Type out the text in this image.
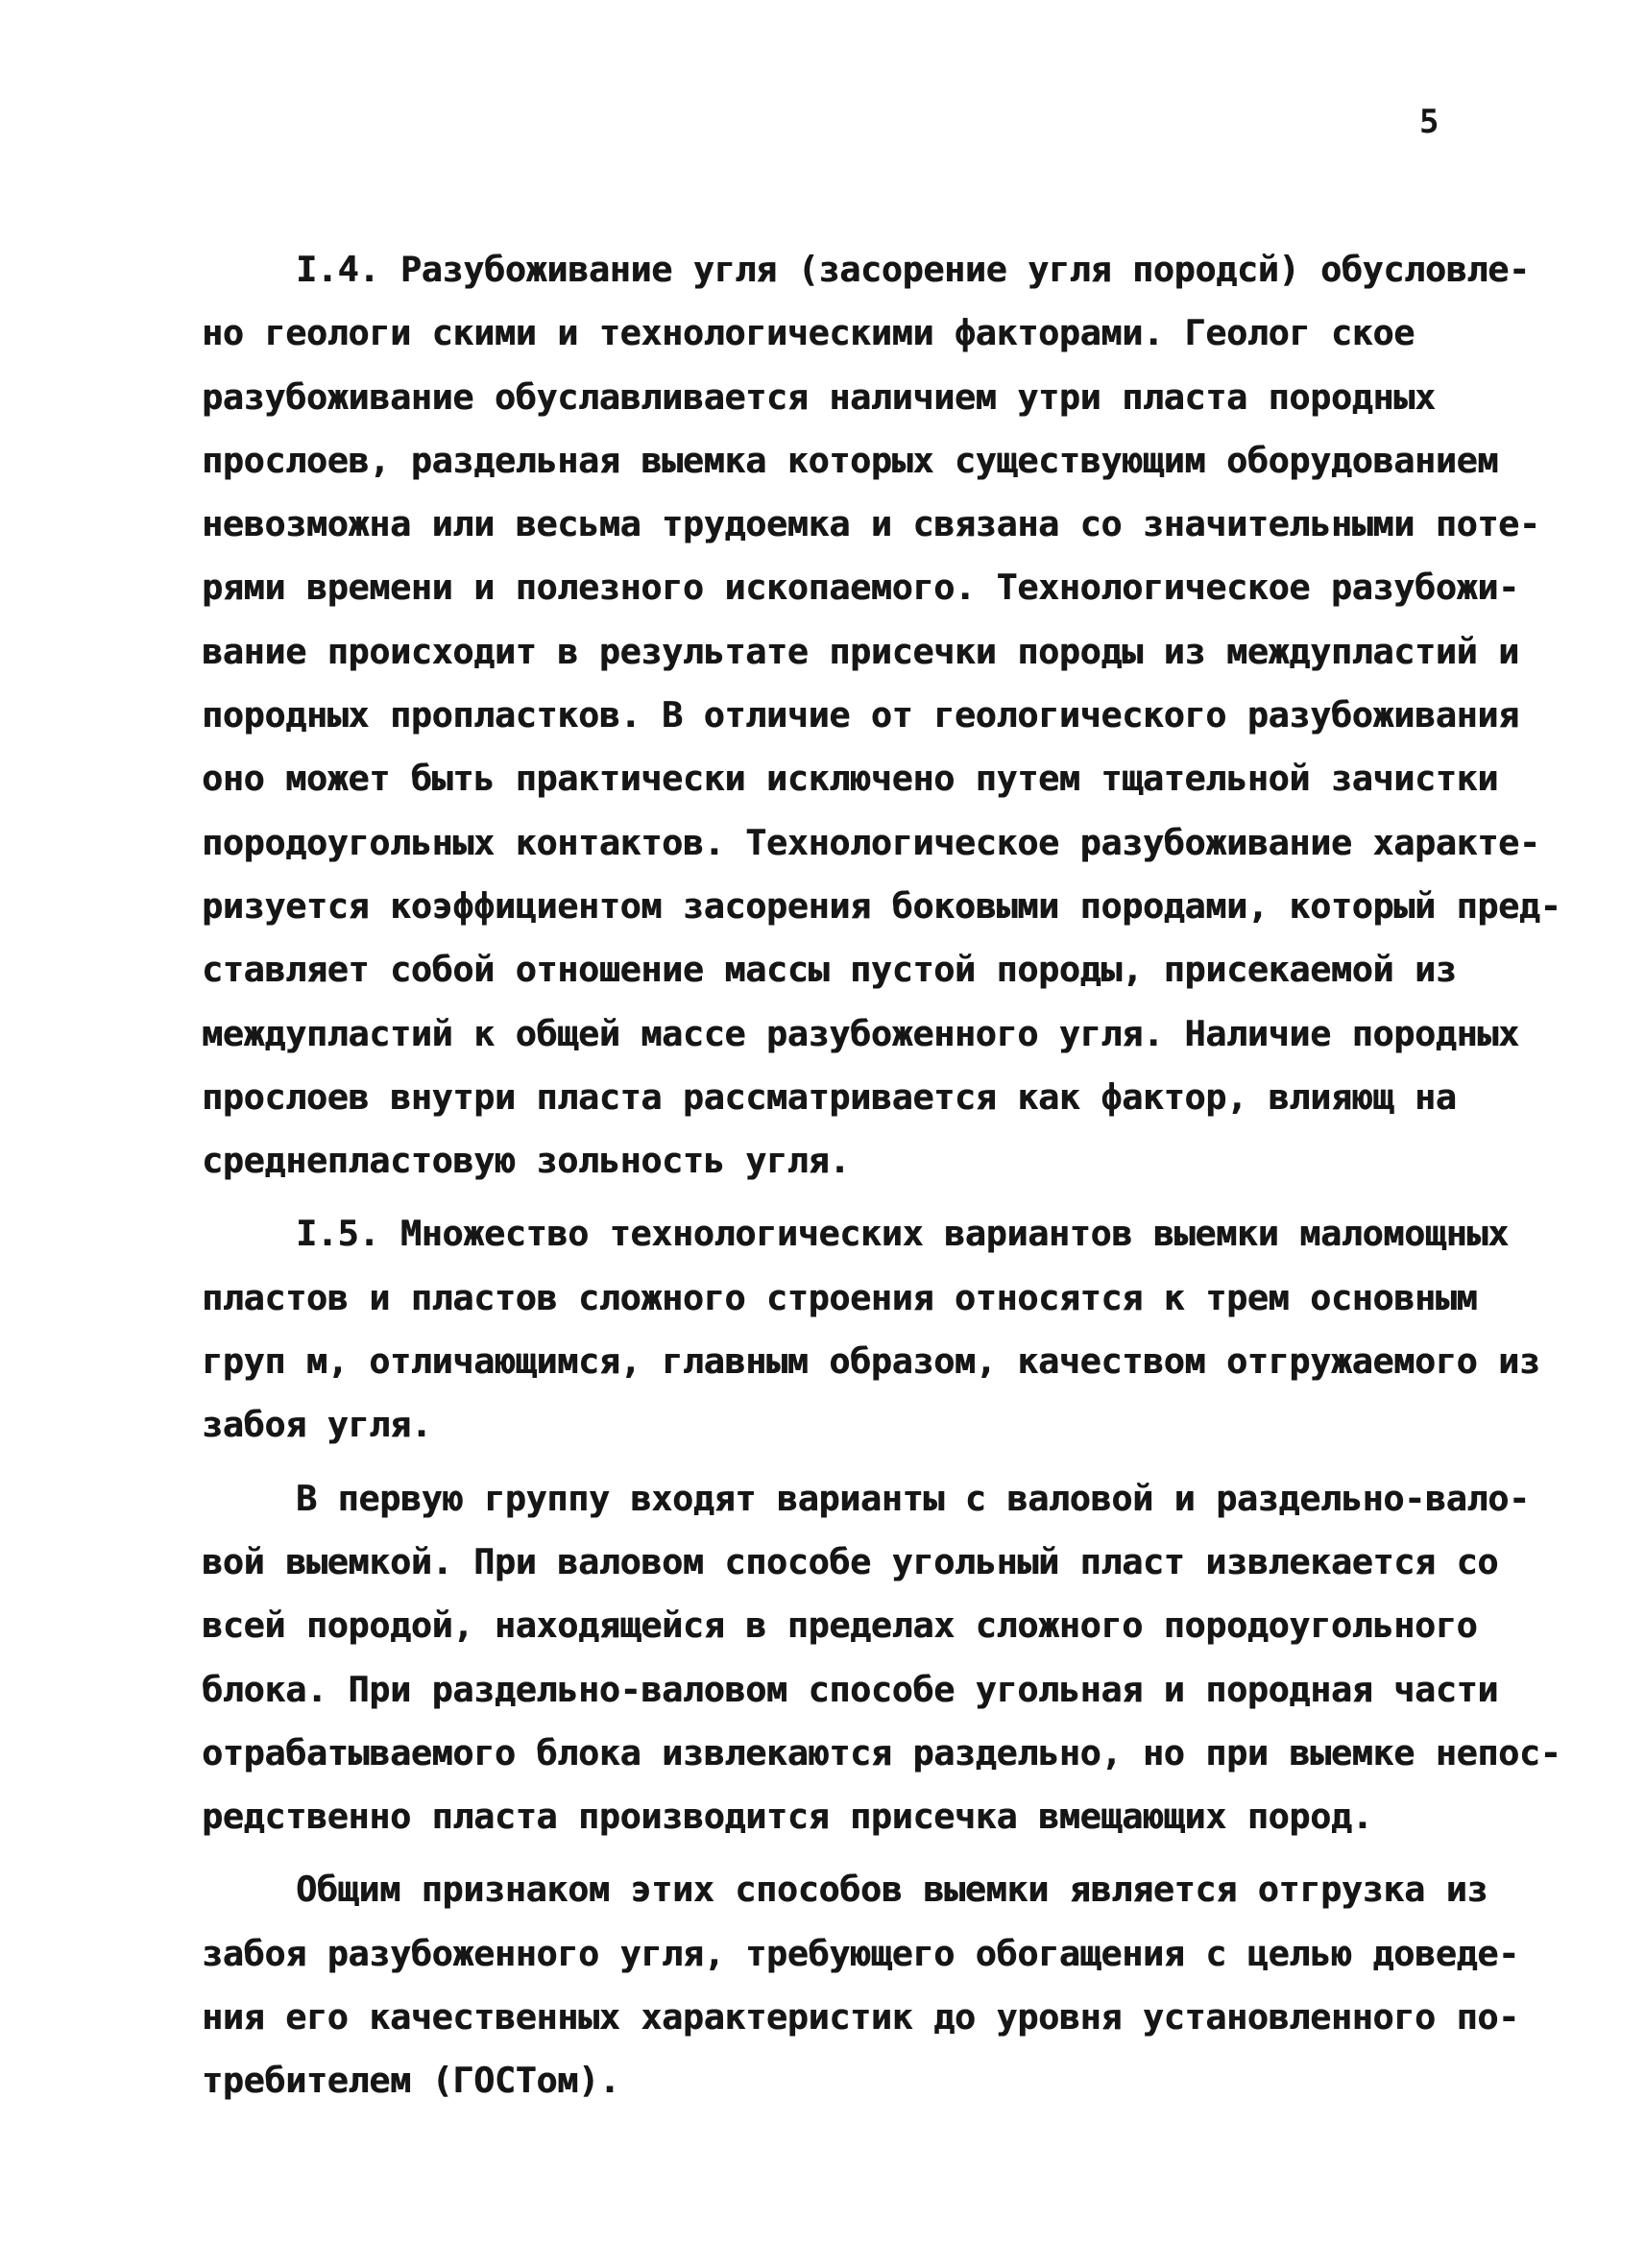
5
I.4. Разубоживание угля (засорение угля породсй) обусловле-
но геологи скими и технологическими факторами. Геолог ское
разубоживание обуславливается наличием утри пласта породных
прослоев, раздельная выемка которых существующим оборудованием
невозможна или весьма трудоемка и связана со значительными поте-
рями времени и полезного ископаемого. Технологическое разубожи-
вание происходит в результате присечки породы из междупластий и
породных пропластков. В отличие от геологического разубоживания
оно может быть практически исключено путем тщательной зачистки
породоугольных контактов. Технологическое разубоживание характе-
ризуется коэффициентом засорения боковыми породами, который пред-
ставляет собой отношение массы пустой породы, присекаемой из
междупластий к общей массе разубоженного угля. Наличие породных
прослоев внутри пласта рассматривается как фактор, влияющ на
среднепластовую зольность угля.
I.5. Множество технологических вариантов выемки маломощных
пластов и пластов сложного строения относятся к трем основным
груп м, отличающимся, главным образом, качеством отгружаемого из
забоя угля.
В первую группу входят варианты с валовой и раздельно-вало-
вой выемкой. При валовом способе угольный пласт извлекается со
всей породой, находящейся в пределах сложного породоугольного
блока. При раздельно-валовом способе угольная и породная части
отрабатываемого блока извлекаются раздельно, но при выемке непос-
редственно пласта производится присечка вмещающих пород.
Общим признаком этих способов выемки является отгрузка из
забоя разубоженного угля, требующего обогащения с целью доведе-
ния его качественных характеристик до уровня установленного по-
требителем (ГОСТом).
